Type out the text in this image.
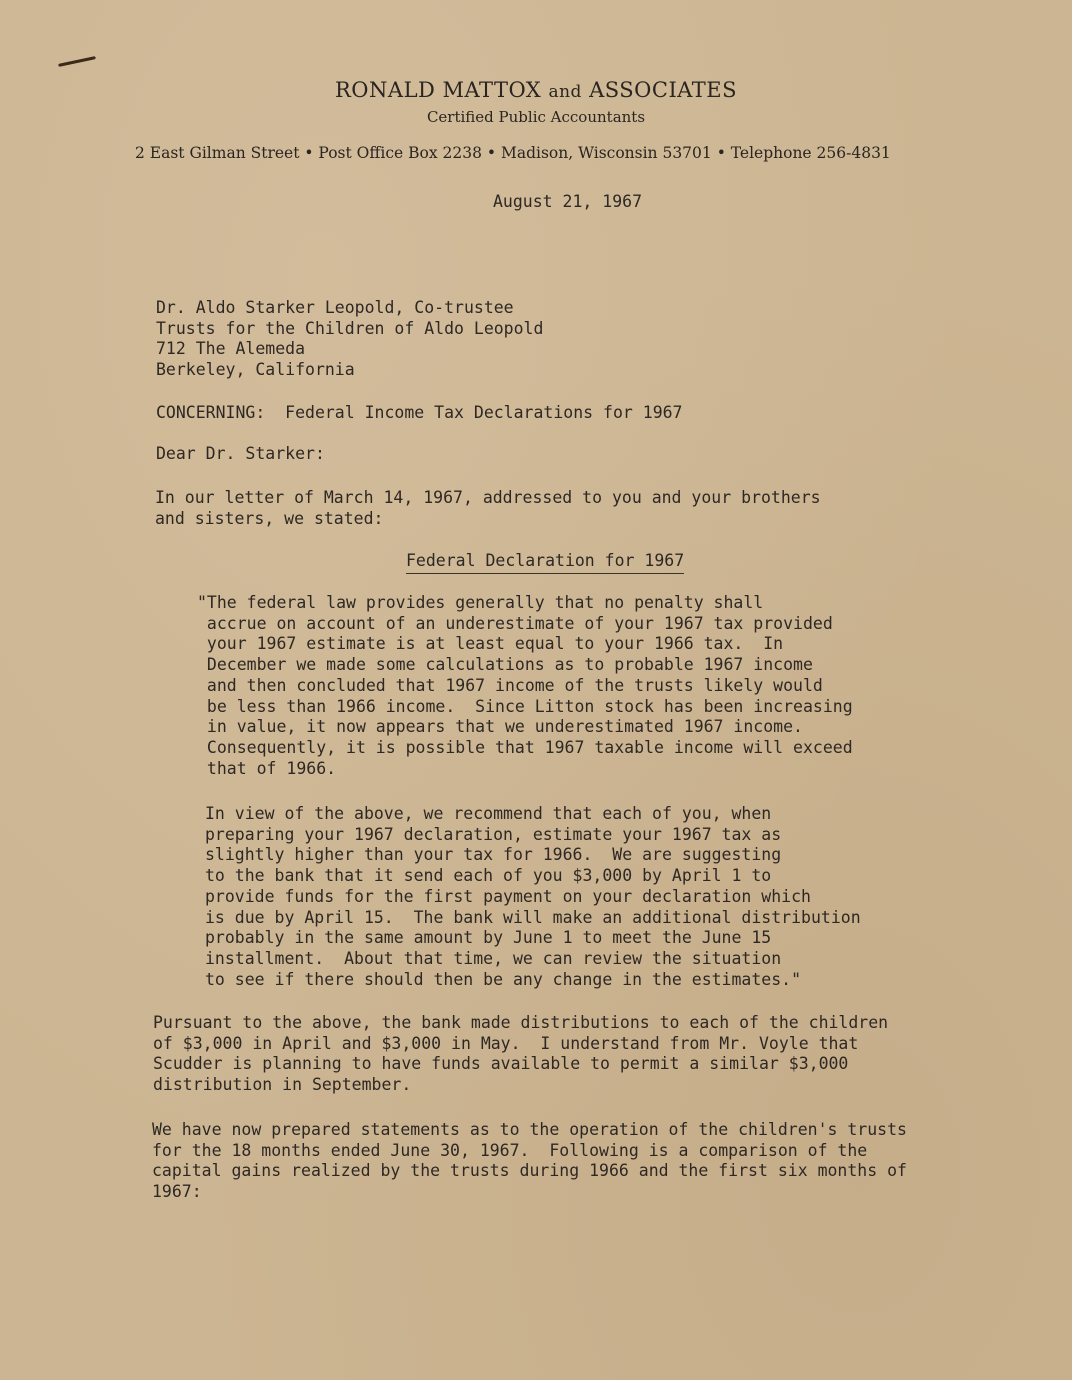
RONALD MATTOX and ASSOCIATES
Certified Public Accountants
2 East Gilman Street • Post Office Box 2238 • Madison, Wisconsin 53701 • Telephone 256-4831
August 21, 1967
Dr. Aldo Starker Leopold, Co-trustee
Trusts for the Children of Aldo Leopold
712 The Alemeda
Berkeley, California
CONCERNING:  Federal Income Tax Declarations for 1967
Dear Dr. Starker:
In our letter of March 14, 1967, addressed to you and your brothers
and sisters, we stated:
Federal Declaration for 1967
"The federal law provides generally that no penalty shall
accrue on account of an underestimate of your 1967 tax provided
your 1967 estimate is at least equal to your 1966 tax.  In
December we made some calculations as to probable 1967 income
and then concluded that 1967 income of the trusts likely would
be less than 1966 income.  Since Litton stock has been increasing
in value, it now appears that we underestimated 1967 income.
Consequently, it is possible that 1967 taxable income will exceed
that of 1966.
In view of the above, we recommend that each of you, when
preparing your 1967 declaration, estimate your 1967 tax as
slightly higher than your tax for 1966.  We are suggesting
to the bank that it send each of you $3,000 by April 1 to
provide funds for the first payment on your declaration which
is due by April 15.  The bank will make an additional distribution
probably in the same amount by June 1 to meet the June 15
installment.  About that time, we can review the situation
to see if there should then be any change in the estimates."
Pursuant to the above, the bank made distributions to each of the children
of $3,000 in April and $3,000 in May.  I understand from Mr. Voyle that
Scudder is planning to have funds available to permit a similar $3,000
distribution in September.
We have now prepared statements as to the operation of the children's trusts
for the 18 months ended June 30, 1967.  Following is a comparison of the
capital gains realized by the trusts during 1966 and the first six months of
1967:
